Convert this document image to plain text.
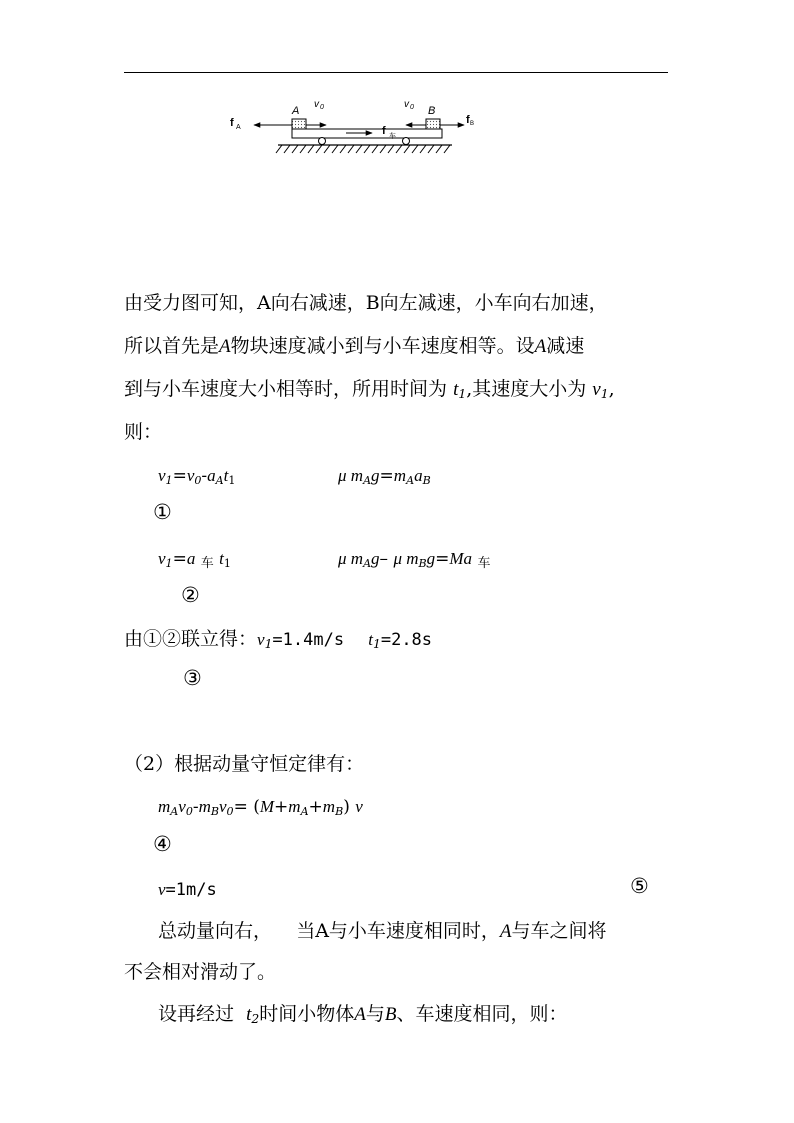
f A
A
v 0	v 0 B
f B
f 车
由受力图可知，A向右减速，B向左减速，小车向右加速，
所以首先是A物块速度减小到与小车速度相等。设A减速
到与小车速度大小相等时，所用时间为 $t_1$,其速度大小为 $v_1$,
则：
$v_1=v_0-a_At_1$	μ $m_Ag=m_Aa_B$
①
$v_1=a$ 车 $t_1$	μ $m_Ag-$ μ $m_Bg=Ma$ 车
②
由①②联立得：$v_1=1.4m/s$ $t_1=2.8s$
③
（2）根据动量守恒定律有：
$m_Av_0-m_Bv_0= (M+m_A+m_B)$ v
④
v=1m/s	⑤
总动量向右， 当A与小车速度相同时，A与车之间将
不会相对滑动了。
设再经过 $t_2$时间小物体A与B、车速度相同，则：
